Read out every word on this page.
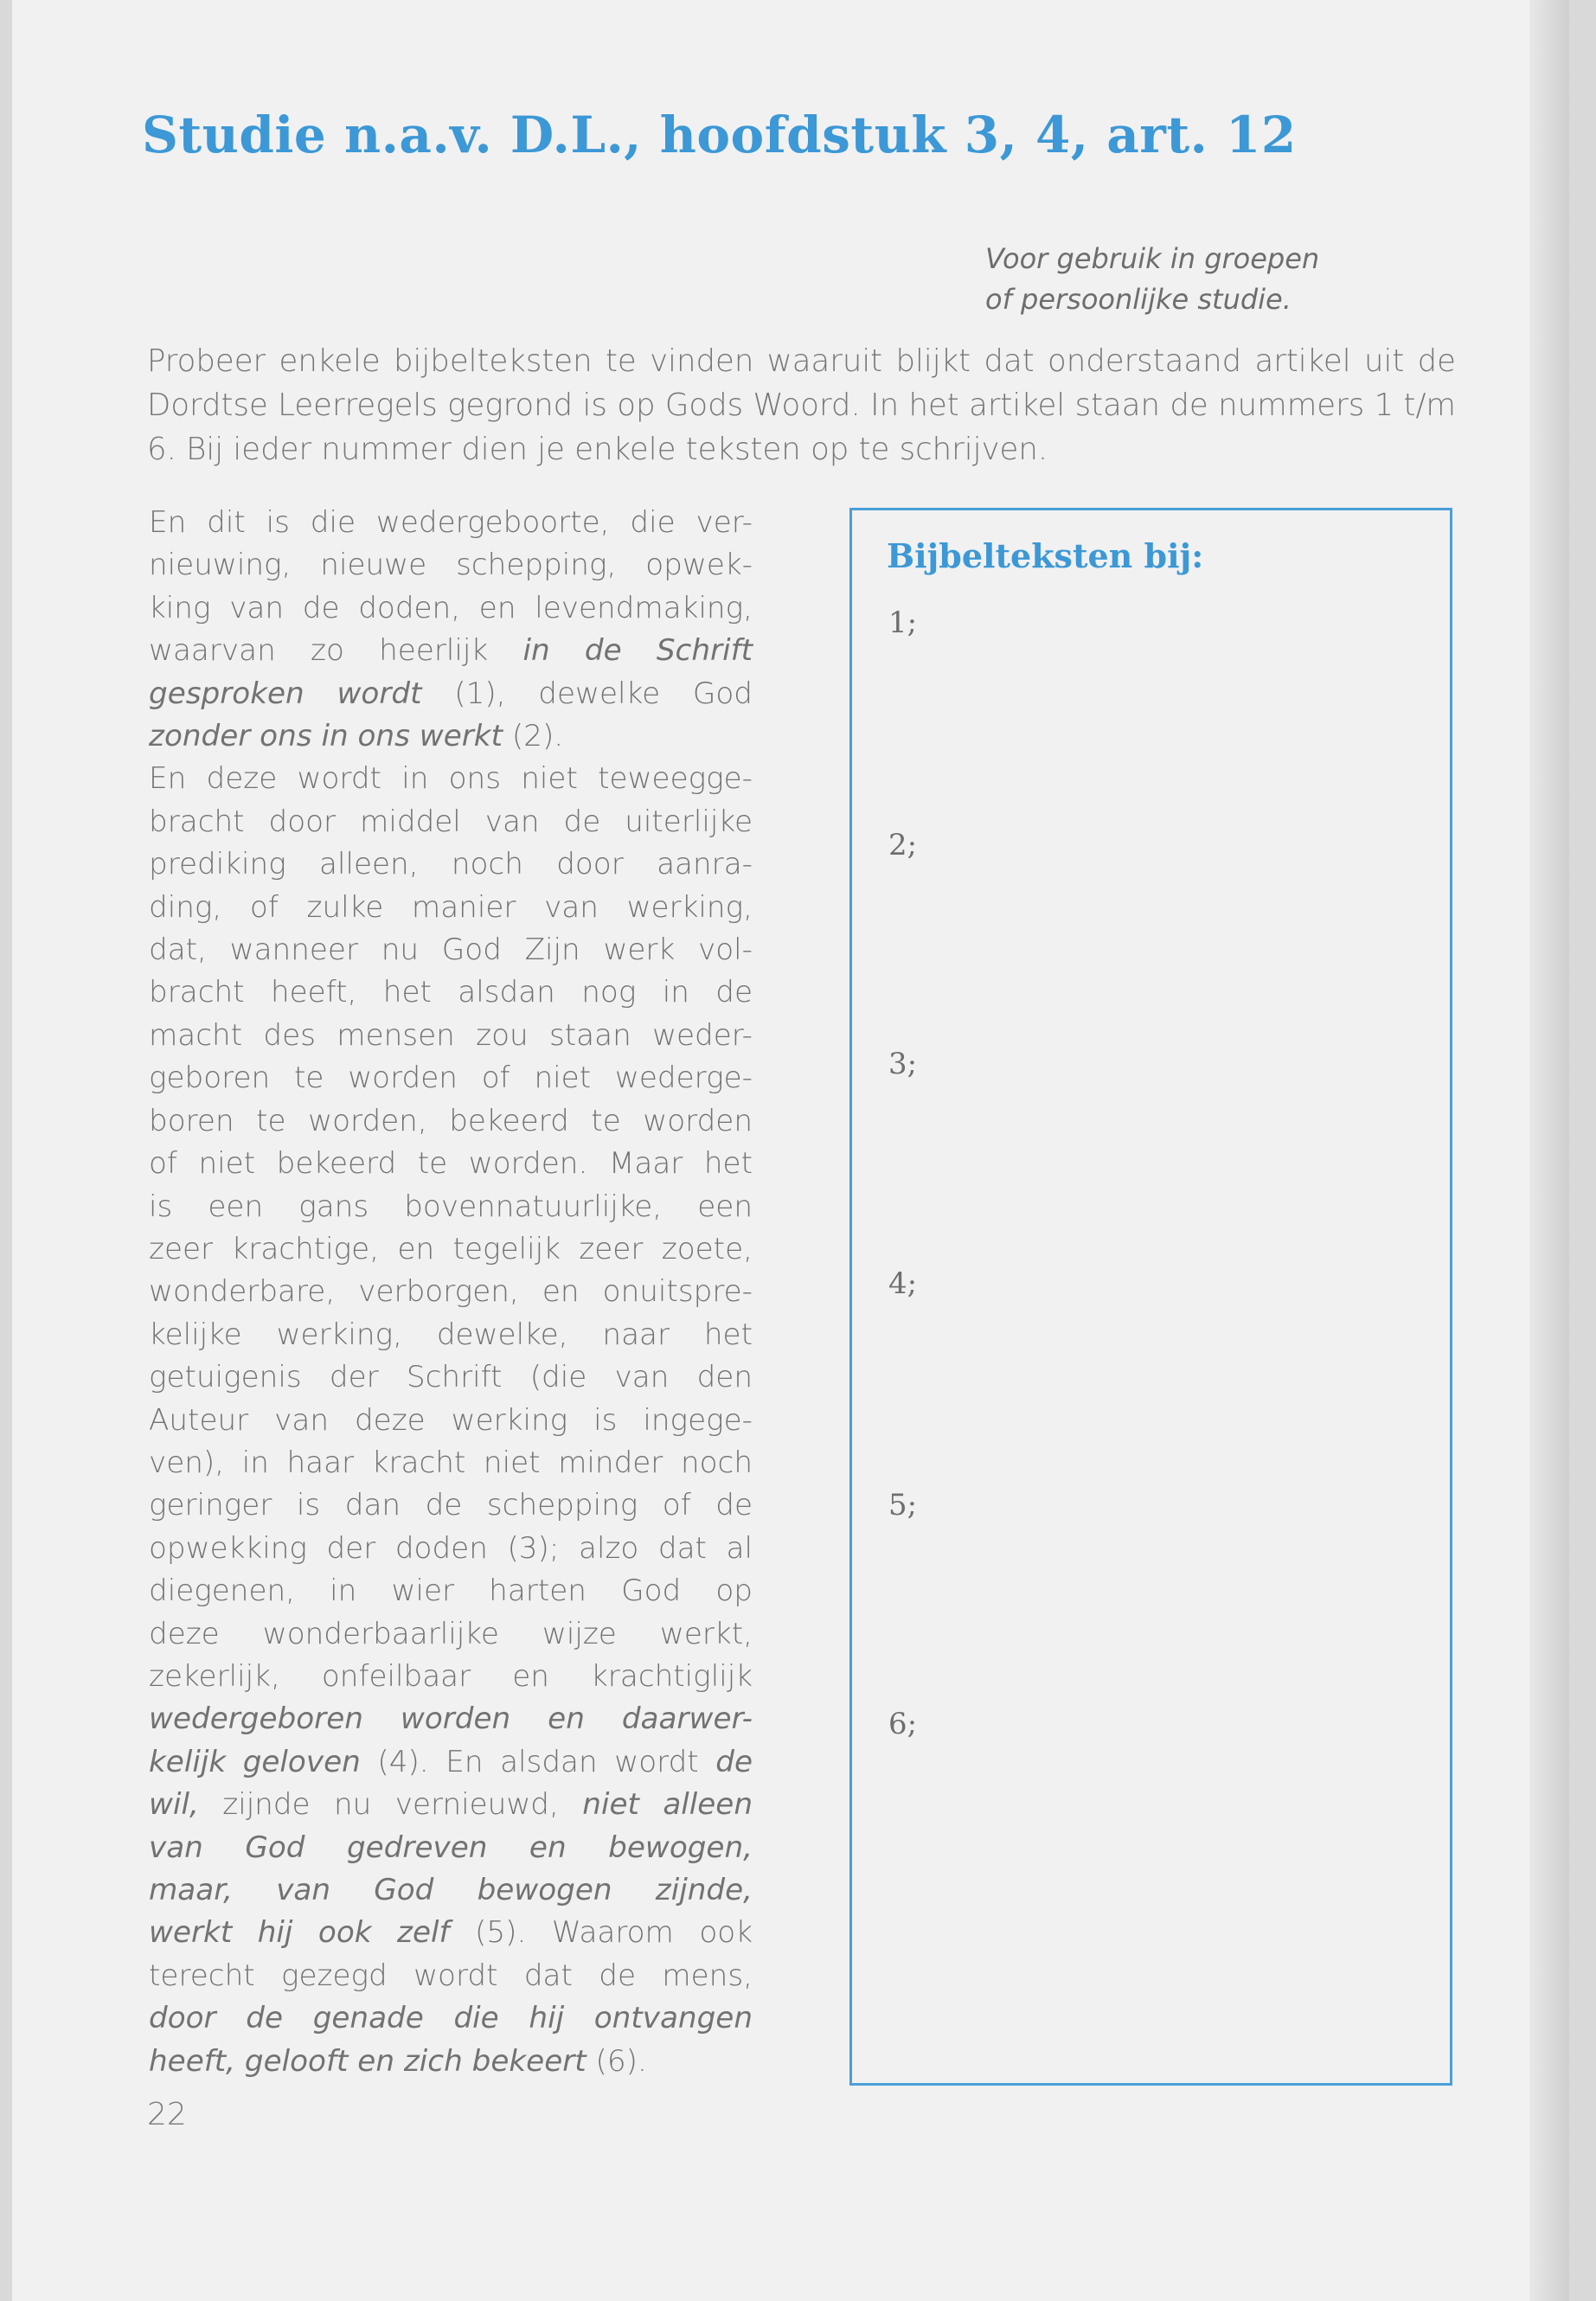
Studie n.a.v. D.L., hoofdstuk 3, 4, art. 12
Voor gebruik in groepen
of persoonlijke studie.

Probeer enkele bijbelteksten te vinden waaruit blijkt dat onderstaand artikel uit de Dordtse Leerregels gegrond is op Gods Woord. In het artikel staan de nummers 1 t/m 6. Bij ieder nummer dien je enkele teksten op te schrijven.

En dit is die wedergeboorte, die ver-
nieuwing, nieuwe schepping, opwek-
king van de doden, en levendmaking,
waarvan zo heerlijk in de Schrift
gesproken wordt (1), dewelke God
zonder ons in ons werkt (2).
En deze wordt in ons niet teweegge-
bracht door middel van de uiterlijke
prediking alleen, noch door aanra-
ding, of zulke manier van werking,
dat, wanneer nu God Zijn werk vol-
bracht heeft, het alsdan nog in de
macht des mensen zou staan weder-
geboren te worden of niet wederge-
boren te worden, bekeerd te worden
of niet bekeerd te worden. Maar het
is een gans bovennatuurlijke, een
zeer krachtige, en tegelijk zeer zoete,
wonderbare, verborgen, en onuitspre-
kelijke werking, dewelke, naar het
getuigenis der Schrift (die van den
Auteur van deze werking is ingege-
ven), in haar kracht niet minder noch
geringer is dan de schepping of de
opwekking der doden (3); alzo dat al
diegenen, in wier harten God op
deze wonderbaarlijke wijze werkt,
zekerlijk, onfeilbaar en krachtiglijk
wedergeboren worden en daarwer-
kelijk geloven (4). En alsdan wordt de
wil, zijnde nu vernieuwd, niet alleen
van God gedreven en bewogen,
maar, van God bewogen zijnde,
werkt hij ook zelf (5). Waarom ook
terecht gezegd wordt dat de mens,
door de genade die hij ontvangen
heeft, gelooft en zich bekeert (6).
Bijbelteksten bij:
1;
2;
3;
4;
5;
6;
22
